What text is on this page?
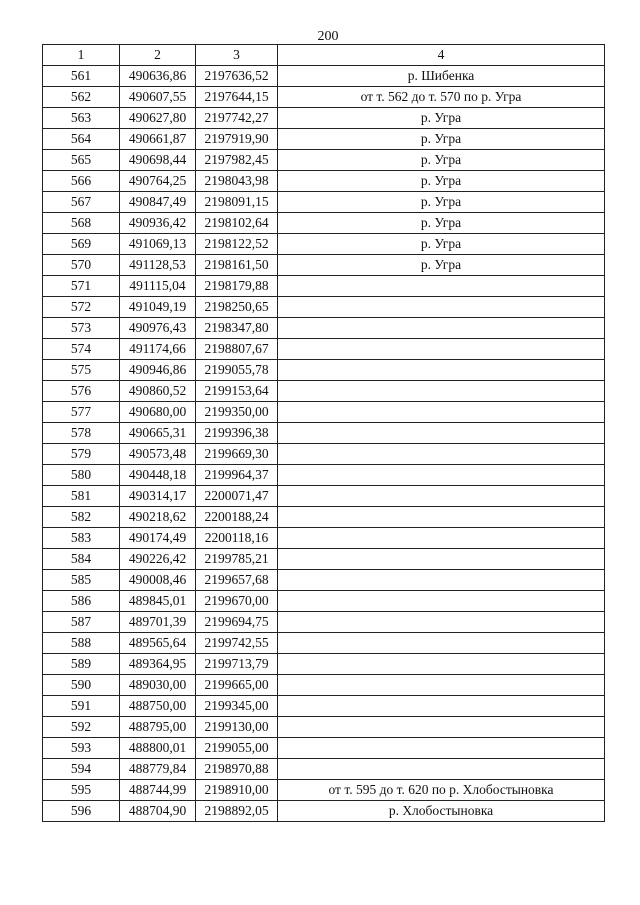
200
1	2	3	4
561	490636,86	2197636,52	р. Шибенка
562	490607,55	2197644,15	от т. 562 до т. 570 по р. Угра
563	490627,80	2197742,27	р. Угра
564	490661,87	2197919,90	р. Угра
565	490698,44	2197982,45	р. Угра
566	490764,25	2198043,98	р. Угра
567	490847,49	2198091,15	р. Угра
568	490936,42	2198102,64	р. Угра
569	491069,13	2198122,52	р. Угра
570	491128,53	2198161,50	р. Угра
571	491115,04	2198179,88	
572	491049,19	2198250,65	
573	490976,43	2198347,80	
574	491174,66	2198807,67	
575	490946,86	2199055,78	
576	490860,52	2199153,64	
577	490680,00	2199350,00	
578	490665,31	2199396,38	
579	490573,48	2199669,30	
580	490448,18	2199964,37	
581	490314,17	2200071,47	
582	490218,62	2200188,24	
583	490174,49	2200118,16	
584	490226,42	2199785,21	
585	490008,46	2199657,68	
586	489845,01	2199670,00	
587	489701,39	2199694,75	
588	489565,64	2199742,55	
589	489364,95	2199713,79	
590	489030,00	2199665,00	
591	488750,00	2199345,00	
592	488795,00	2199130,00	
593	488800,01	2199055,00	
594	488779,84	2198970,88	
595	488744,99	2198910,00	от т. 595 до т. 620 по р. Хлобостыновка
596	488704,90	2198892,05	р. Хлобостыновка
